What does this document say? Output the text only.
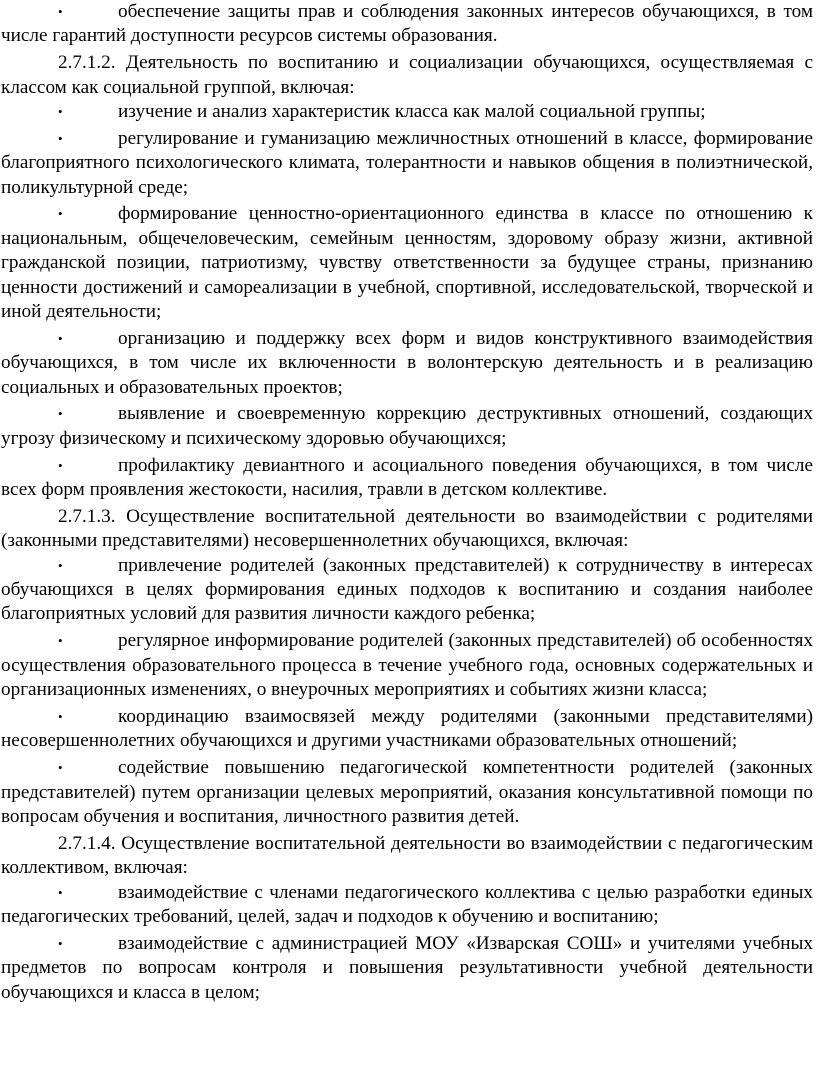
•	обеспечение защиты прав и соблюдения законных интересов обучающихся, в том числе гарантий доступности ресурсов системы образования.

2.7.1.2. Деятельность по воспитанию и социализации обучающихся, осуществляемая с классом как социальной группой, включая:

•	изучение и анализ характеристик класса как малой социальной группы;
•	регулирование и гуманизацию межличностных отношений в классе, формирование благоприятного психологического климата, толерантности и навыков общения в полиэтнической, поликультурной среде;
•	формирование ценностно-ориентационного единства в классе по отношению к национальным, общечеловеческим, семейным ценностям, здоровому образу жизни, активной гражданской позиции, патриотизму, чувству ответственности за будущее страны, признанию ценности достижений и самореализации в учебной, спортивной, исследовательской, творческой и иной деятельности;
•	организацию и поддержку всех форм и видов конструктивного взаимодействия обучающихся, в том числе их включенности в волонтерскую деятельность и в реализацию социальных и образовательных проектов;
•	выявление и своевременную коррекцию деструктивных отношений, создающих угрозу физическому и психическому здоровью обучающихся;
•	профилактику девиантного и асоциального поведения обучающихся, в том числе всех форм проявления жестокости, насилия, травли в детском коллективе.

2.7.1.3. Осуществление воспитательной деятельности во взаимодействии с родителями (законными представителями) несовершеннолетних обучающихся, включая:

•	привлечение родителей (законных представителей) к сотрудничеству в интересах обучающихся в целях формирования единых подходов к воспитанию и создания наиболее благоприятных условий для развития личности каждого ребенка;
•	регулярное информирование родителей (законных представителей) об особенностях осуществления образовательного процесса в течение учебного года, основных содержательных и организационных изменениях, о внеурочных мероприятиях и событиях жизни класса;
•	координацию взаимосвязей между родителями (законными представителями) несовершеннолетних обучающихся и другими участниками образовательных отношений;
•	содействие повышению педагогической компетентности родителей (законных представителей) путем организации целевых мероприятий, оказания консультативной помощи по вопросам обучения и воспитания, личностного развития детей.

2.7.1.4. Осуществление воспитательной деятельности во взаимодействии с педагогическим коллективом, включая:

•	взаимодействие с членами педагогического коллектива с целью разработки единых педагогических требований, целей, задач и подходов к обучению и воспитанию;
•	взаимодействие с администрацией МОУ «Изварская СОШ» и учителями учебных предметов по вопросам контроля и повышения результативности учебной деятельности обучающихся и класса в целом;
